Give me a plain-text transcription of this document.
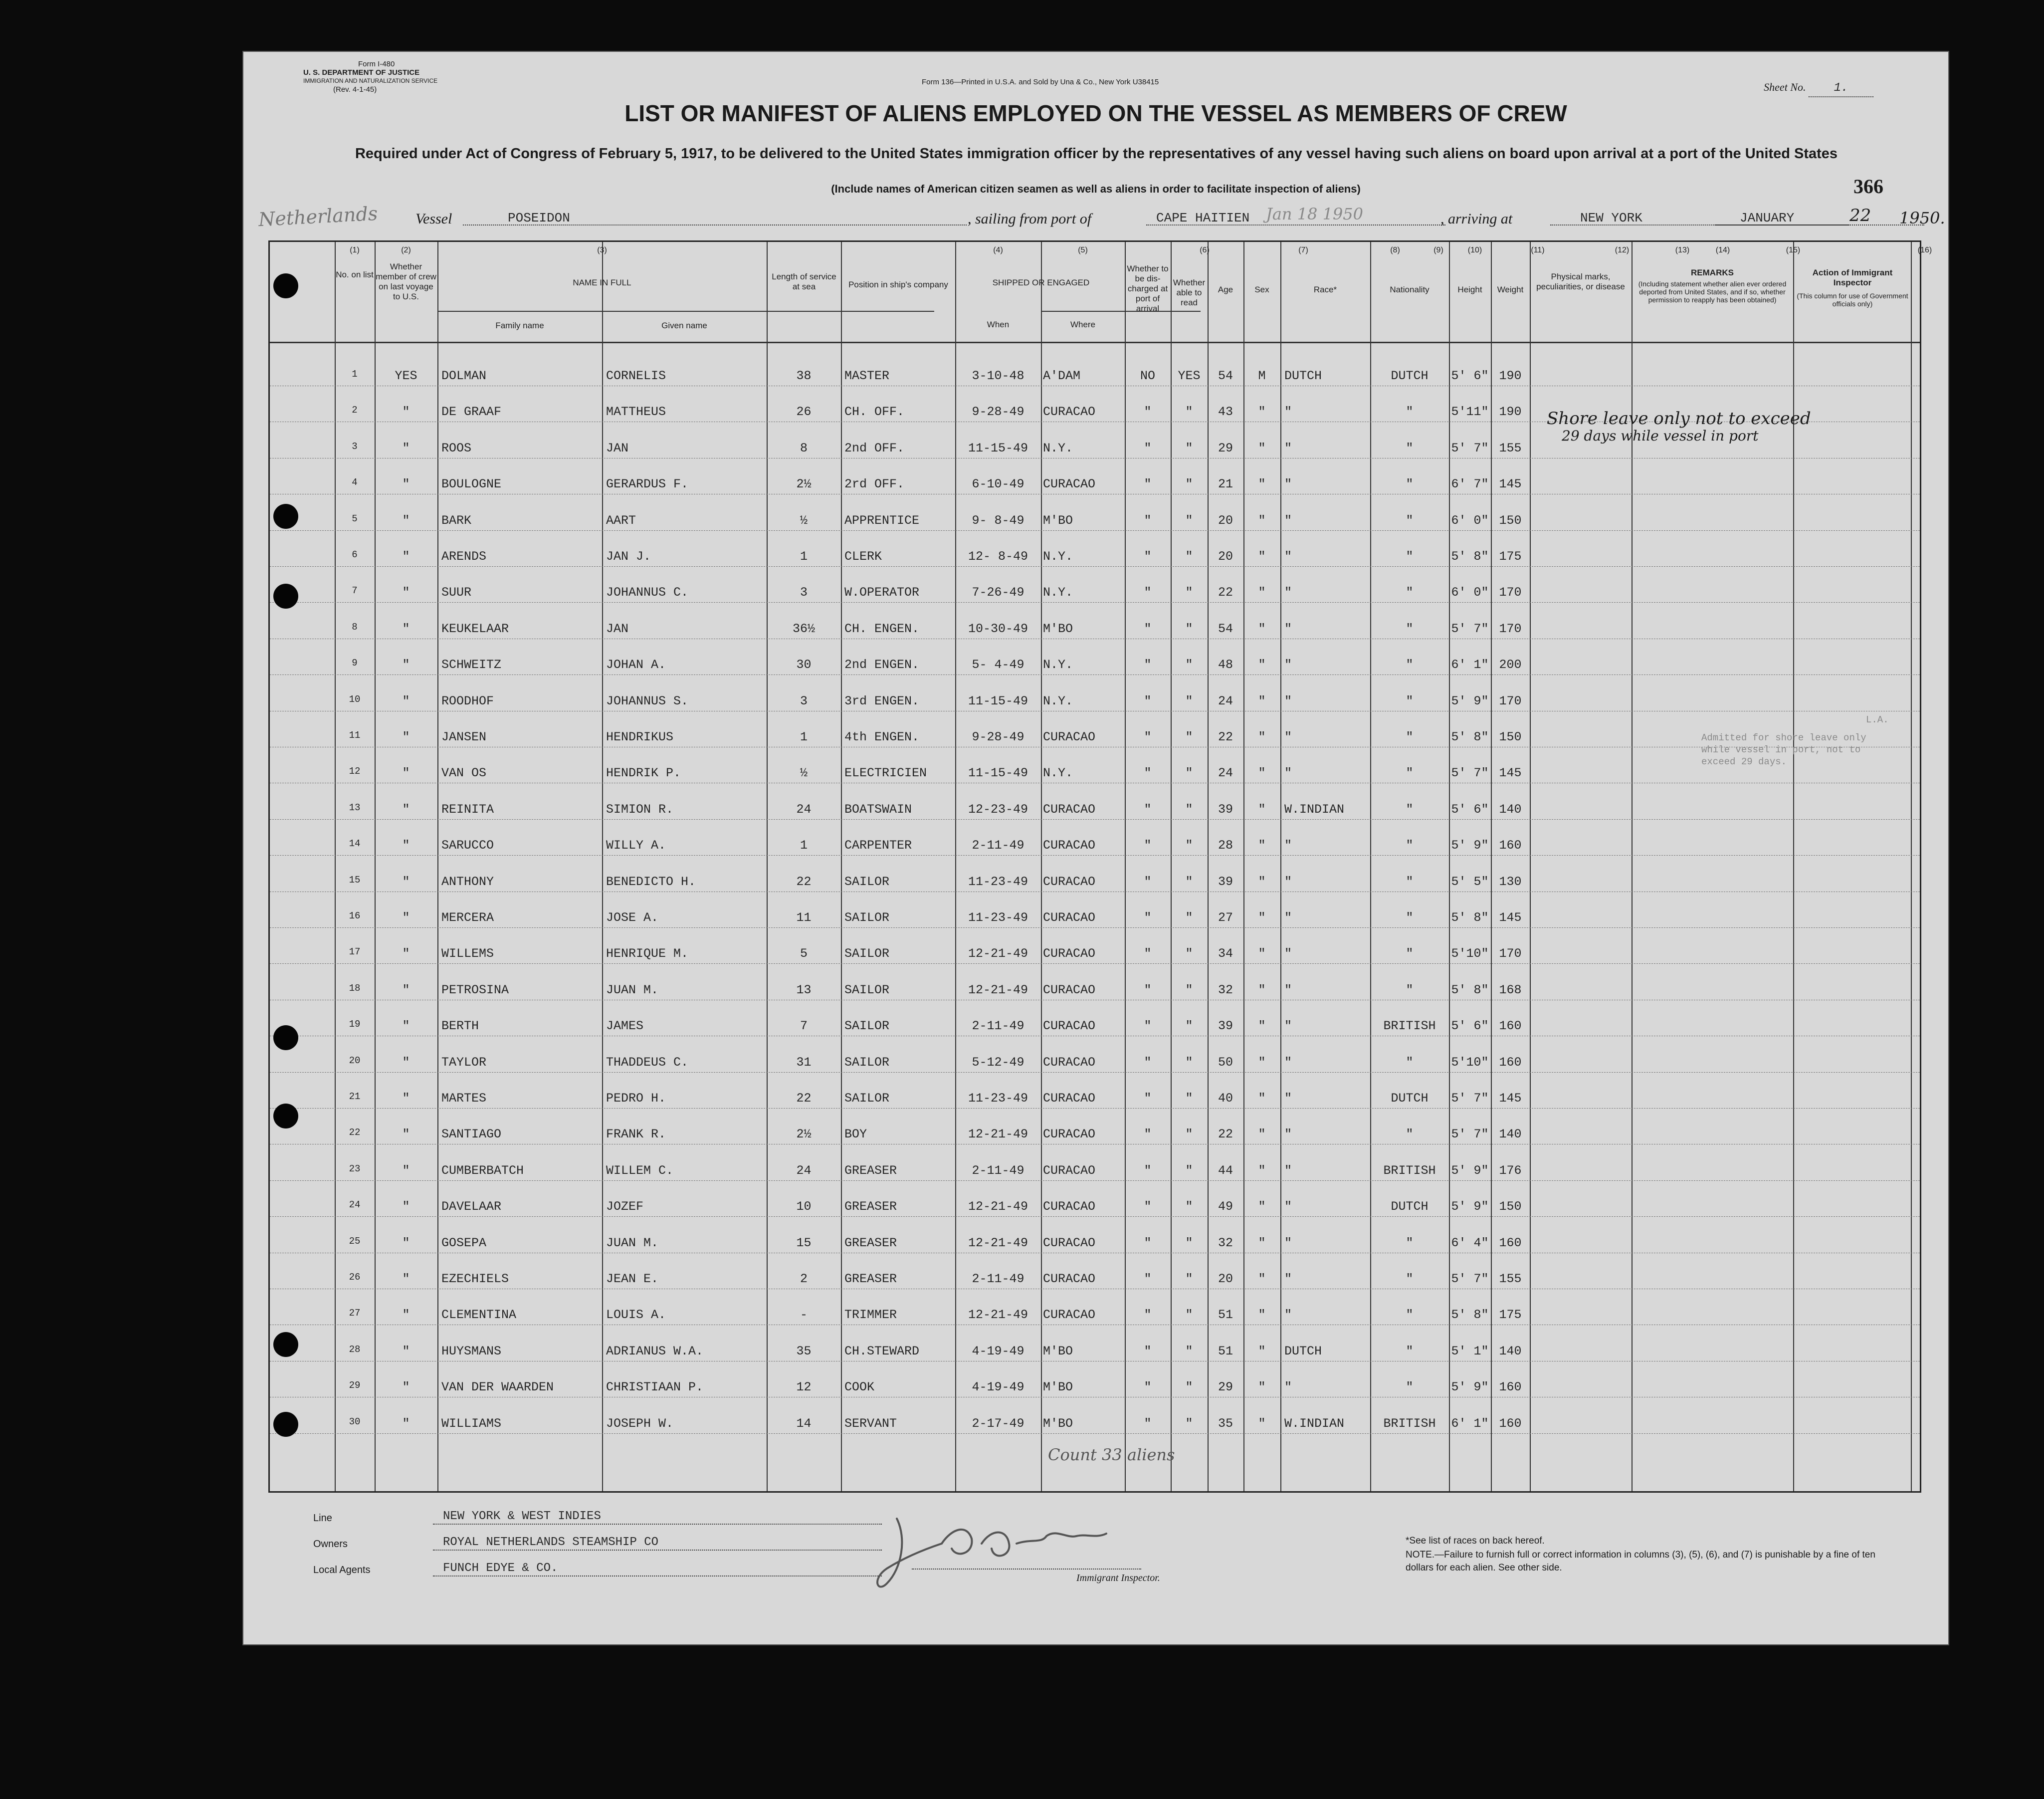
Form I-480
U. S. DEPARTMENT OF JUSTICE
IMMIGRATION AND NATURALIZATION SERVICE
(Rev. 4-1-45)
Form 136—Printed in U.S.A. and Sold by Una & Co., New York U38415	Sheet No. 1.
LIST OR MANIFEST OF ALIENS EMPLOYED ON THE VESSEL AS MEMBERS OF CREW
Required under Act of Congress of February 5, 1917, to be delivered to the United States immigration officer by the representatives of any vessel having such aliens on board upon arrival at a port of the United States
(Include names of American citizen seamen as well as aliens in order to facilitate inspection of aliens)	366
Netherlands Vessel	POSEIDON	, sailing from port of	CAPE HAITIEN	Jan 18 1950	, arriving at	NEW YORK	JANUARY	22 1950.
(1)	(2)	(3)	(4)	(5)	(6)	(7)	(8)	(9)	(10)	(11)	(12)	(13)	(14)	(15)	(16)
No. on list
Whether member of crew on last voyage to U.S.
NAME IN FULL
Family name	Given name
Length of service at sea	Position in ship's company	SHIPPED OR ENGAGED
When	Where
Whether to be dis-charged at port of arrival
Whether able to read
Age	Sex	Race*	Nationality	Height	Weight
Physical marks, peculiarities, or disease
REMARKS
(Including statement whether alien ever ordered deported from United States, and if so, whether permission to reapply has been obtained)
Action of Immigrant Inspector
(This column for use of Government officials only)
1	YES	DOLMAN	CORNELIS	38	MASTER	3-10-48	A'DAM	NO	YES	54	M	DUTCH	DUTCH	5' 6" 190
2	"	DE GRAAF	MATTHEUS	26	CH. OFF.	9-28-49	CURACAO	"	"	43	"	"	"	5'11" 190
3	"	ROOS	JAN	8	2nd OFF.	11-15-49	N.Y.	"	"	29	"	"	"	5' 7" 155
4	"	BOULOGNE	GERARDUS F.	2½	2rd OFF.	6-10-49	CURACAO	"	"	21	"	"	"	6' 7" 145
5	"	BARK	AART	½	APPRENTICE	9- 8-49	M'BO	"	"	20	"	"	"	6' 0" 150
6	"	ARENDS	JAN J.	1	CLERK	12- 8-49	N.Y.	"	"	20	"	"	"	5' 8" 175
7	"	SUUR	JOHANNUS C.	3	W.OPERATOR	7-26-49	N.Y.	"	"	22	"	"	"	6' 0" 170
8	"	KEUKELAAR	JAN	36½	CH. ENGEN.	10-30-49	M'BO	"	"	54	"	"	"	5' 7" 170
9	"	SCHWEITZ	JOHAN A.	30	2nd ENGEN.	5- 4-49	N.Y.	"	"	48	"	"	"	6' 1" 200
10	"	ROODHOF	JOHANNUS S.	3	3rd ENGEN.	11-15-49	N.Y.	"	"	24	"	"	"	5' 9" 170
11	"	JANSEN	HENDRIKUS	1	4th ENGEN.	9-28-49	CURACAO	"	"	22	"	"	"	5' 8" 150
12	"	VAN OS	HENDRIK P.	½	ELECTRICIEN	11-15-49	N.Y.	"	"	24	"	"	"	5' 7" 145
13	"	REINITA	SIMION R.	24	BOATSWAIN	12-23-49	CURACAO	"	"	39	"	W.INDIAN	"	5' 6" 140
14	"	SARUCCO	WILLY A.	1	CARPENTER	2-11-49	CURACAO	"	"	28	"	"	"	5' 9" 160
15	"	ANTHONY	BENEDICTO H.	22	SAILOR	11-23-49	CURACAO	"	"	39	"	"	"	5' 5" 130
16	"	MERCERA	JOSE A.	11	SAILOR	11-23-49	CURACAO	"	"	27	"	"	"	5' 8" 145
17	"	WILLEMS	HENRIQUE M.	5	SAILOR	12-21-49	CURACAO	"	"	34	"	"	"	5'10" 170
18	"	PETROSINA	JUAN M.	13	SAILOR	12-21-49	CURACAO	"	"	32	"	"	"	5' 8" 168
19	"	BERTH	JAMES	7	SAILOR	2-11-49	CURACAO	"	"	39	"	"	BRITISH	5' 6" 160
20	"	TAYLOR	THADDEUS C.	31	SAILOR	5-12-49	CURACAO	"	"	50	"	"	"	5'10" 160
21	"	MARTES	PEDRO H.	22	SAILOR	11-23-49	CURACAO	"	"	40	"	"	DUTCH	5' 7" 145
22	"	SANTIAGO	FRANK R.	2½	BOY	12-21-49	CURACAO	"	"	22	"	"	"	5' 7" 140
23	"	CUMBERBATCH	WILLEM C.	24	GREASER	2-11-49	CURACAO	"	"	44	"	"	BRITISH	5' 9" 176
24	"	DAVELAAR	JOZEF	10	GREASER	12-21-49	CURACAO	"	"	49	"	"	DUTCH	5' 9" 150
25	"	GOSEPA	JUAN M.	15	GREASER	12-21-49	CURACAO	"	"	32	"	"	"	6' 4" 160
26	"	EZECHIELS	JEAN E.	2	GREASER	2-11-49	CURACAO	"	"	20	"	"	"	5' 7" 155
27	"	CLEMENTINA	LOUIS A.	-	TRIMMER	12-21-49	CURACAO	"	"	51	"	"	"	5' 8" 175
28	"	HUYSMANS	ADRIANUS W.A.	35	CH.STEWARD	4-19-49	M'BO	"	"	51	"	DUTCH	"	5' 1" 140
29	"	VAN DER WAARDEN	CHRISTIAAN P.	12	COOK	4-19-49	M'BO	"	"	29	"	"	"	5' 9" 160
30	"	WILLIAMS	JOSEPH W.	14	SERVANT	2-17-49	M'BO	"	"	35	"	W.INDIAN	BRITISH	6' 1" 160
Shore leave only not to exceed
29 days while vessel in port
L.A.
Admitted for shore leave only
while vessel in port, not to
exceed 29 days.
Count 33 aliens
Line	NEW YORK & WEST INDIES
Owners	ROYAL NETHERLANDS STEAMSHIP CO
Local Agents	FUNCH EDYE & CO.
Immigrant Inspector.
*See list of races on back hereof.
NOTE.—Failure to furnish full or correct information in columns (3), (5), (6), and (7) is punishable by a fine of ten dollars for each alien. See other side.
